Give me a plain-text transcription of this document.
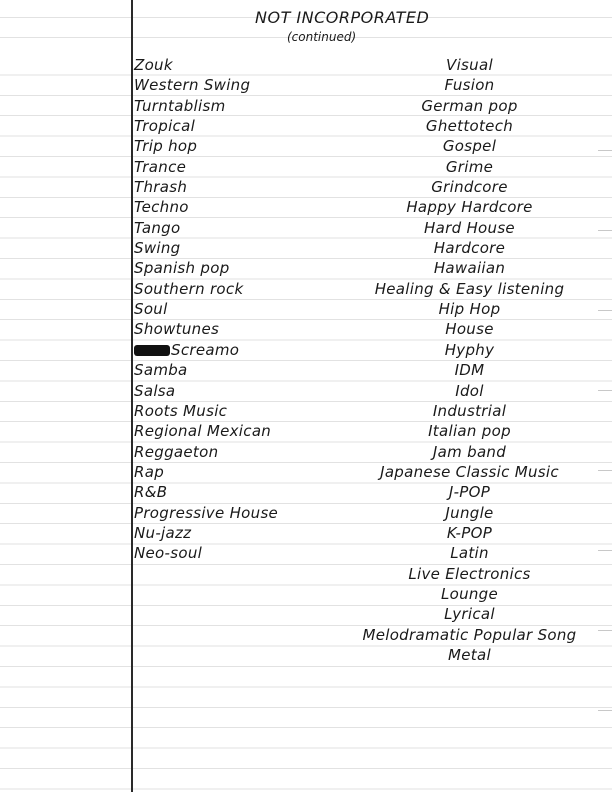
NOT INCORPORATED
(continued)
Zouk
Western Swing
Turntablism
Tropical
Trip hop
Trance
Thrash
Techno
Tango
Swing
Spanish pop
Southern rock
Soul
Showtunes
Screamo
Samba
Salsa
Roots Music
Regional Mexican
Reggaeton
Rap
R&B
Progressive House
Nu-jazz
Neo-soul
Visual
Fusion
German pop
Ghettotech
Gospel
Grime
Grindcore
Happy Hardcore
Hard House
Hardcore
Hawaiian
Healing & Easy listening
Hip Hop
House
Hyphy
IDM
Idol
Industrial
Italian pop
Jam band
Japanese Classic Music
J-POP
Jungle
K-POP
Latin
Live Electronics
Lounge
Lyrical
Melodramatic Popular Song
Metal
